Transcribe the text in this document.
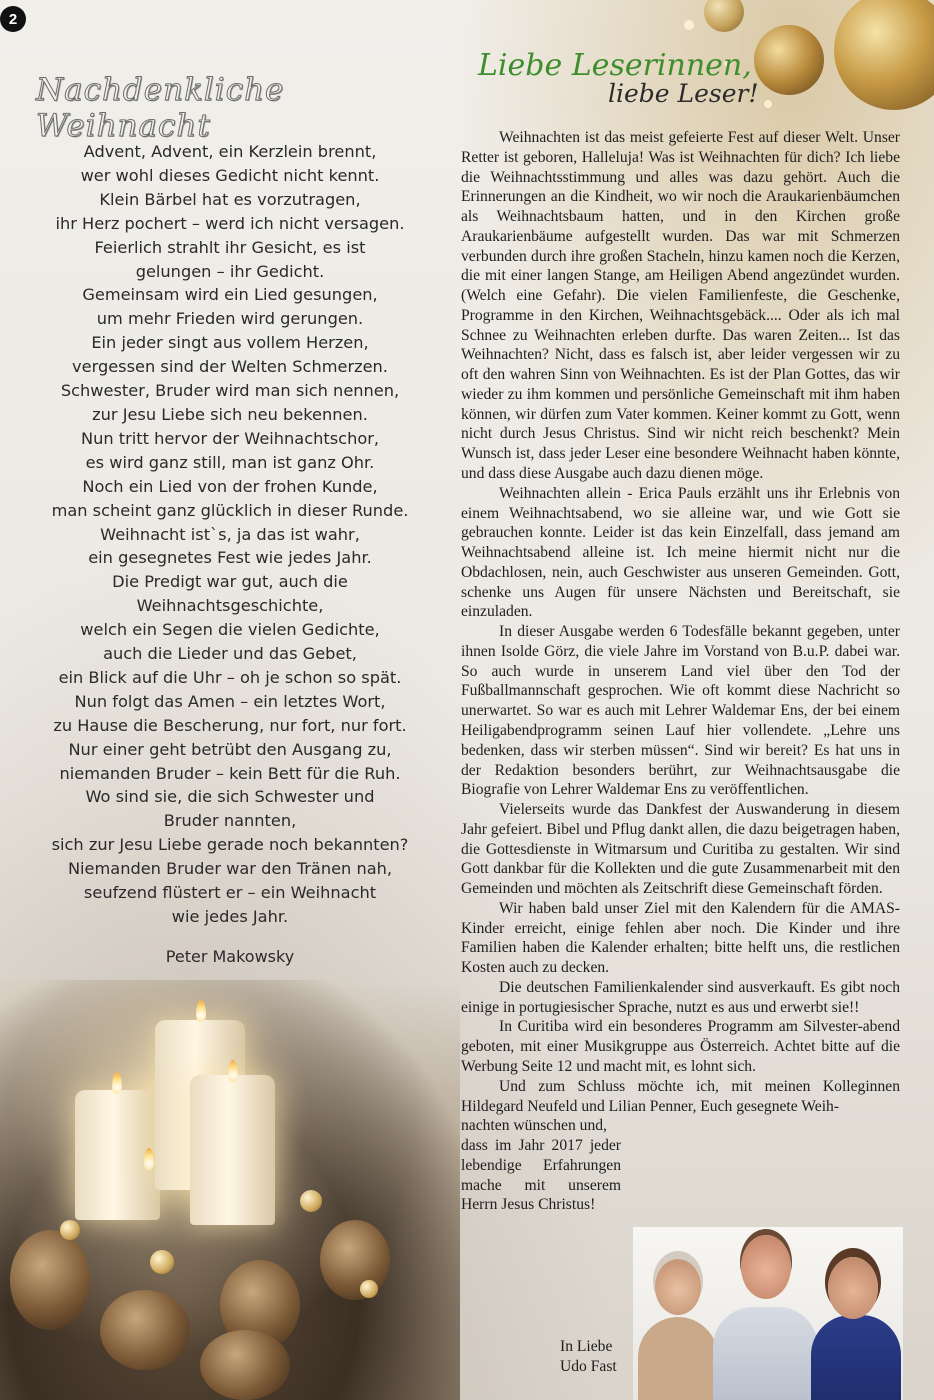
2
Nachdenkliche Weihnacht
Advent, Advent, ein Kerzlein brennt,
wer wohl dieses Gedicht nicht kennt.
Klein Bärbel hat es vorzutragen,
ihr Herz pochert – werd ich nicht versagen.
Feierlich strahlt ihr Gesicht, es ist
gelungen – ihr Gedicht.
Gemeinsam wird ein Lied gesungen,
um mehr Frieden wird gerungen.
Ein jeder singt aus vollem Herzen,
vergessen sind der Welten Schmerzen.
Schwester, Bruder wird man sich nennen,
zur Jesu Liebe sich neu bekennen.
Nun tritt hervor der Weihnachtschor,
es wird ganz still, man ist ganz Ohr.
Noch ein Lied von der frohen Kunde,
man scheint ganz glücklich in dieser Runde.
Weihnacht ist`s, ja das ist wahr,
ein gesegnetes Fest wie jedes Jahr.
Die Predigt war gut, auch die
Weihnachtsgeschichte,
welch ein Segen die vielen Gedichte,
auch die Lieder und das Gebet,
ein Blick auf die Uhr – oh je schon so spät.
Nun folgt das Amen – ein letztes Wort,
zu Hause die Bescherung, nur fort, nur fort.
Nur einer geht betrübt den Ausgang zu,
niemanden Bruder – kein Bett für die Ruh.
Wo sind sie, die sich Schwester und
Bruder nannten,
sich zur Jesu Liebe gerade noch bekannten?
Niemanden Bruder war den Tränen nah,
seufzend flüstert er – ein Weihnacht
wie jedes Jahr.
Peter Makowsky
Liebe Leserinnen,
liebe Leser!

Weihnachten ist das meist gefeierte Fest auf dieser Welt. Unser Retter ist geboren, Halleluja! Was ist Weihnachten für dich? Ich liebe die Weihnachtsstimmung und alles was dazu gehört. Auch die Erinnerungen an die Kindheit, wo wir noch die Araukarienbäumchen als Weihnachtsbaum hatten, und in den Kirchen große Araukarienbäume aufgestellt wurden. Das war mit Schmerzen verbunden durch ihre großen Stacheln, hinzu kamen noch die Kerzen, die mit einer langen Stange, am Heiligen Abend angezündet wurden. (Welch eine Gefahr). Die vielen Familienfeste, die Geschenke, Programme in den Kirchen, Weihnachtsgebäck.... Oder als ich mal Schnee zu Weihnachten erleben durfte. Das waren Zeiten... Ist das Weihnachten? Nicht, dass es falsch ist, aber leider vergessen wir zu oft den wahren Sinn von Weihnachten. Es ist der Plan Gottes, das wir wieder zu ihm kommen und persönliche Gemeinschaft mit ihm haben können, wir dürfen zum Vater kommen. Keiner kommt zu Gott, wenn nicht durch Jesus Christus. Sind wir nicht reich beschenkt? Mein Wunsch ist, dass jeder Leser eine besondere Weihnacht haben könnte, und dass diese Ausgabe auch dazu dienen möge.

Weihnachten allein - Erica Pauls erzählt uns ihr Erlebnis von einem Weihnachtsabend, wo sie alleine war, und wie Gott sie gebrauchen konnte. Leider ist das kein Einzelfall, dass jemand am Weihnachtsabend alleine ist. Ich meine hiermit nicht nur die Obdachlosen, nein, auch Geschwister aus unseren Gemeinden. Gott, schenke uns Augen für unsere Nächsten und Bereitschaft, sie einzuladen.

In dieser Ausgabe werden 6 Todesfälle bekannt gegeben, unter ihnen Isolde Görz, die viele Jahre im Vorstand von B.u.P. dabei war. So auch wurde in unserem Land viel über den Tod der Fußballmannschaft gesprochen. Wie oft kommt diese Nachricht so unerwartet. So war es auch mit Lehrer Waldemar Ens, der bei einem Heiligabendprogramm seinen Lauf hier vollendete. „Lehre uns bedenken, dass wir sterben müssen“. Sind wir bereit? Es hat uns in der Redaktion besonders berührt, zur Weihnachtsausgabe die Biografie von Lehrer Waldemar Ens zu veröffentlichen.

Vielerseits wurde das Dankfest der Auswanderung in diesem Jahr gefeiert. Bibel und Pflug dankt allen, die dazu beigetragen haben, die Gottesdienste in Witmarsum und Curitiba zu gestalten. Wir sind Gott dankbar für die Kollekten und die gute Zusammenarbeit mit den Gemeinden und möchten als Zeitschrift diese Gemeinschaft förden.

Wir haben bald unser Ziel mit den Kalendern für die AMAS-Kinder erreicht, einige fehlen aber noch. Die Kinder und ihre Familien haben die Kalender erhalten; bitte helft uns, die restlichen Kosten auch zu decken.

Die deutschen Familienkalender sind ausverkauft. Es gibt noch einige in portugiesischer Sprache, nutzt es aus und erwerbt sie!!

In Curitiba wird ein besonderes Programm am Silvester-abend geboten, mit einer Musikgruppe aus Österreich. Achtet bitte auf die Werbung Seite 12 und macht mit, es lohnt sich.

Und zum Schluss möchte ich, mit meinen Kolleginnen Hildegard Neufeld und Lilian Penner, Euch gesegnete Weih-

nachten wünschen und,

dass im Jahr 2017 jeder lebendige Erfahrungen mache mit unserem Herrn Jesus Christus!

In Liebe
Udo Fast
